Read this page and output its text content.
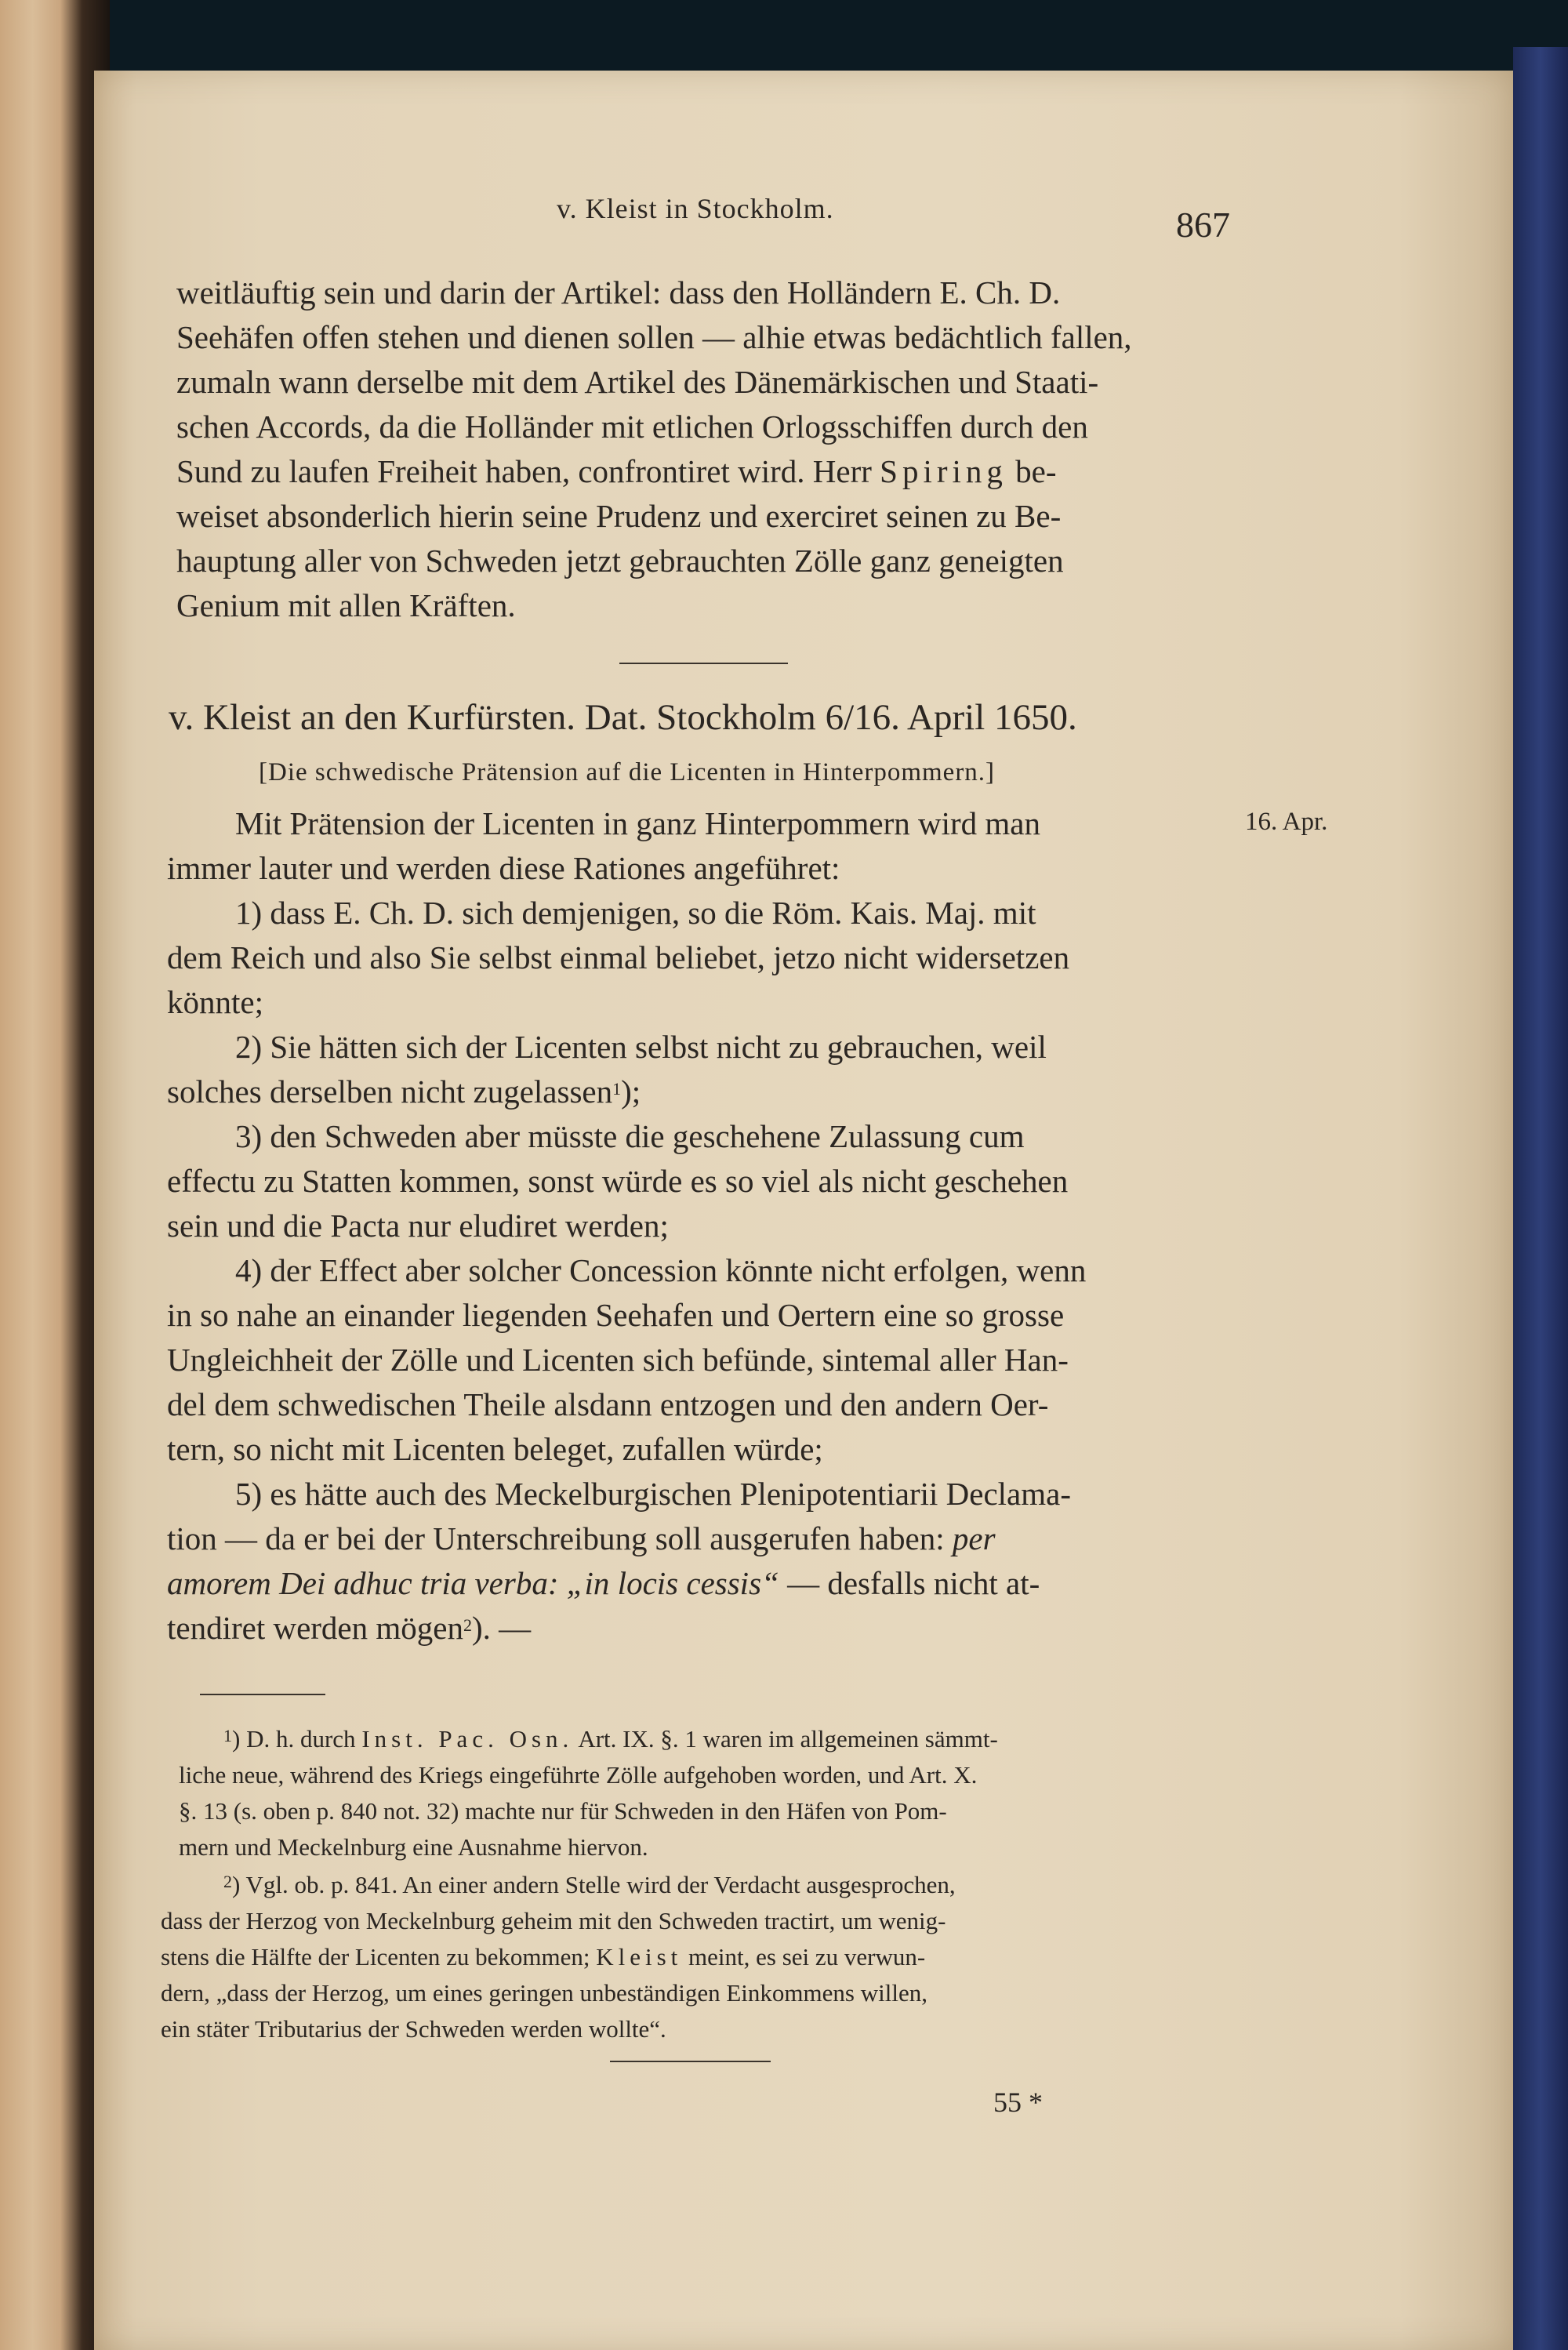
v. Kleist in Stockholm.	867
weitläuftig sein und darin der Artikel: dass den Holländern E. Ch. D.
Seehäfen offen stehen und dienen sollen — alhie etwas bedächtlich fallen,
zumaln wann derselbe mit dem Artikel des Dänemärkischen und Staati-
schen Accords, da die Holländer mit etlichen Orlogsschiffen durch den
Sund zu laufen Freiheit haben, confrontiret wird. Herr Spiring be-
weiset absonderlich hierin seine Prudenz und exerciret seinen zu Be-
hauptung aller von Schweden jetzt gebrauchten Zölle ganz geneigten
Genium mit allen Kräften.
v. Kleist an den Kurfürsten. Dat. Stockholm 6/16. April 1650.
[Die schwedische Prätension auf die Licenten in Hinterpommern.]
16. Apr.
Mit Prätension der Licenten in ganz Hinterpommern wird man
immer lauter und werden diese Rationes angeführet:
1) dass E. Ch. D. sich demjenigen, so die Röm. Kais. Maj. mit
dem Reich und also Sie selbst einmal beliebet, jetzo nicht widersetzen
könnte;
2) Sie hätten sich der Licenten selbst nicht zu gebrauchen, weil
solches derselben nicht zugelassen$^1$);
3) den Schweden aber müsste die geschehene Zulassung cum
effectu zu Statten kommen, sonst würde es so viel als nicht geschehen
sein und die Pacta nur eludiret werden;
4) der Effect aber solcher Concession könnte nicht erfolgen, wenn
in so nahe an einander liegenden Seehafen und Oertern eine so grosse
Ungleichheit der Zölle und Licenten sich befünde, sintemal aller Han-
del dem schwedischen Theile alsdann entzogen und den andern Oer-
tern, so nicht mit Licenten beleget, zufallen würde;
5) es hätte auch des Meckelburgischen Plenipotentiarii Declama-
tion — da er bei der Unterschreibung soll ausgerufen haben: per
amorem Dei adhuc tria verba: „in locis cessis“ — desfalls nicht at-
tendiret werden mögen$^2$). —
$^1$) D. h. durch Inst. Pac. Osn. Art. IX. §. 1 waren im allgemeinen sämmt-
liche neue, während des Kriegs eingeführte Zölle aufgehoben worden, und Art. X.
§. 13 (s. oben p. 840 not. 32) machte nur für Schweden in den Häfen von Pom-
mern und Meckelnburg eine Ausnahme hiervon.
$^2$) Vgl. ob. p. 841. An einer andern Stelle wird der Verdacht ausgesprochen,
dass der Herzog von Meckelnburg geheim mit den Schweden tractirt, um wenig-
stens die Hälfte der Licenten zu bekommen; Kleist meint, es sei zu verwun-
dern, „dass der Herzog, um eines geringen unbeständigen Einkommens willen,
ein stäter Tributarius der Schweden werden wollte“.
55 *
